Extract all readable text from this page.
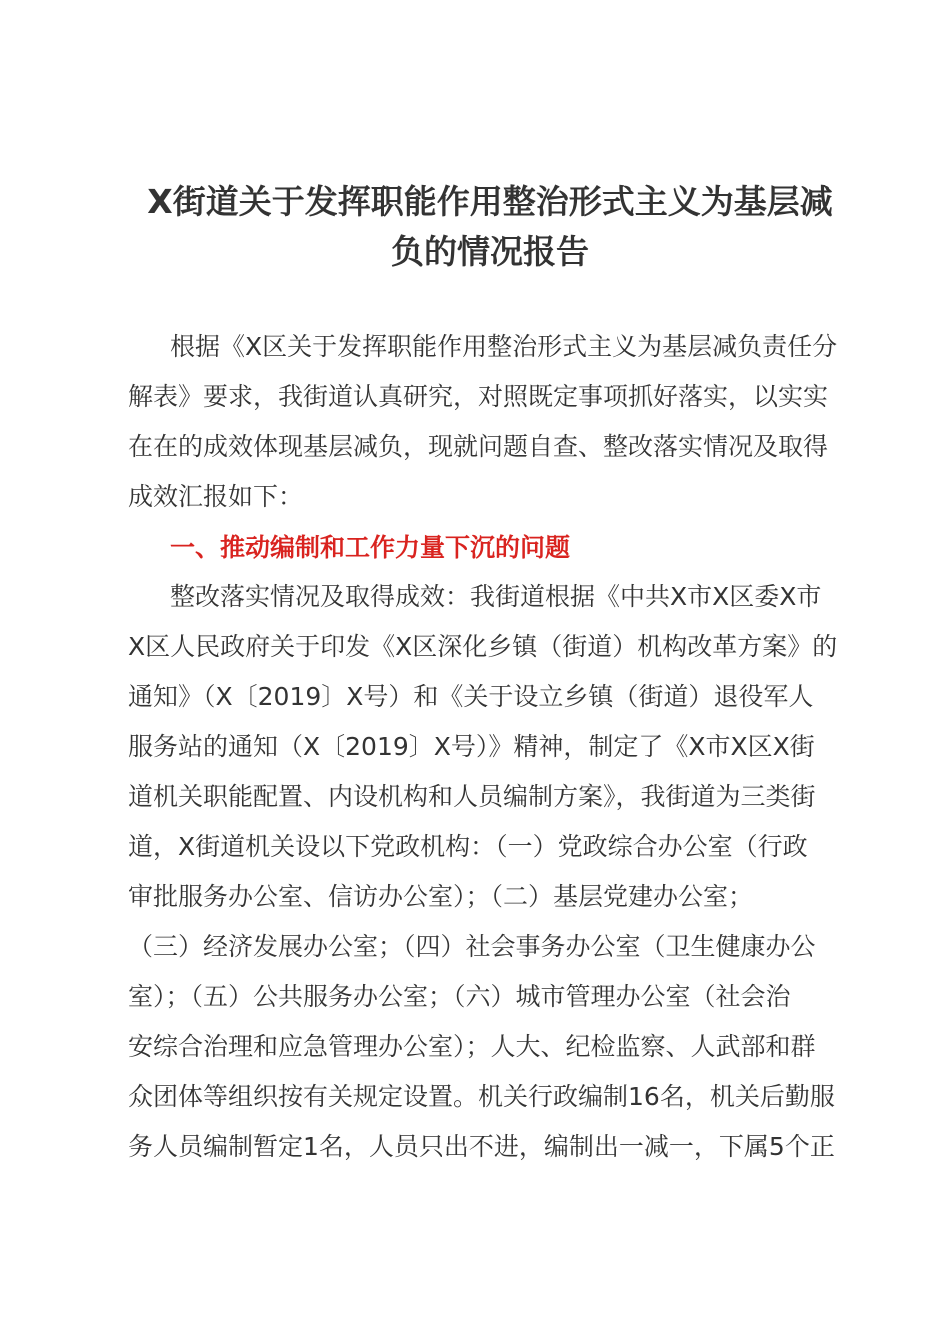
X街道关于发挥职能作用整治形式主义为基层减
负的情况报告
根据《X区关于发挥职能作用整治形式主义为基层减负责任分
解表》要求，我街道认真研究，对照既定事项抓好落实，以实实
在在的成效体现基层减负，现就问题自查、整改落实情况及取得
成效汇报如下：
一、推动编制和工作力量下沉的问题
整改落实情况及取得成效：我街道根据《中共X市X区委X市
X区人民政府关于印发《X区深化乡镇（街道）机构改革方案》的
通知》（X〔2019〕X号）和《关于设立乡镇（街道）退役军人
服务站的通知（X〔2019〕X号）》精神，制定了《X市X区X街
道机关职能配置、内设机构和人员编制方案》，我街道为三类街
道，X街道机关设以下党政机构：（一）党政综合办公室（行政
审批服务办公室、信访办公室）；（二）基层党建办公室；
（三）经济发展办公室；（四）社会事务办公室（卫生健康办公
室）；（五）公共服务办公室；（六）城市管理办公室（社会治
安综合治理和应急管理办公室）；人大、纪检监察、人武部和群
众团体等组织按有关规定设置。机关行政编制16名，机关后勤服
务人员编制暂定1名，人员只出不进，编制出一减一，下属5个正
